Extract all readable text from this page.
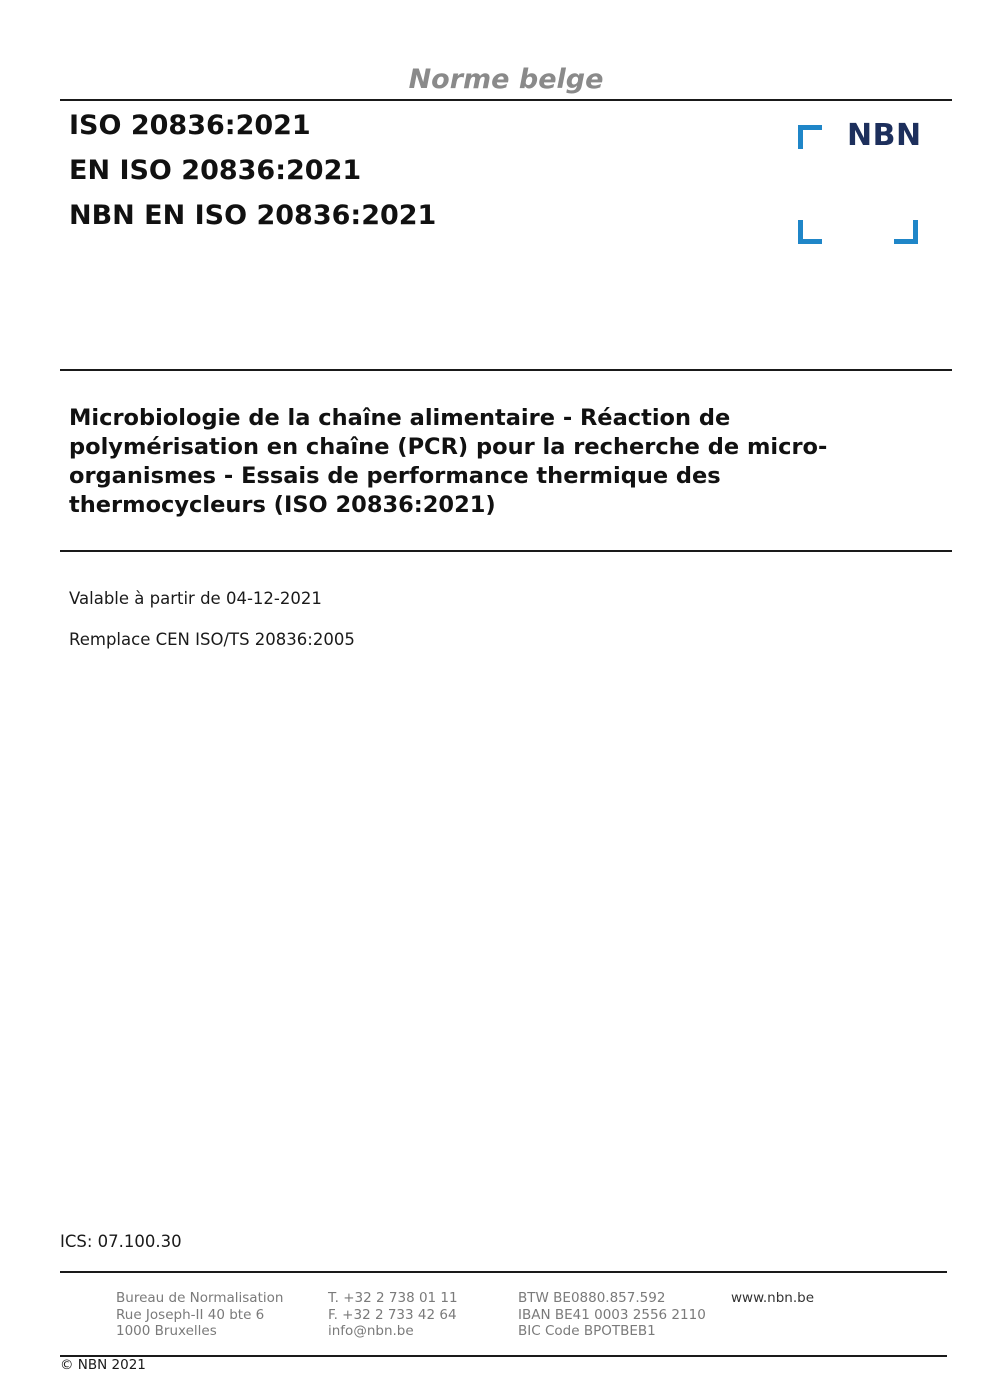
Norme belge
ISO 20836:2021
EN ISO 20836:2021
NBN EN ISO 20836:2021
NBN
Microbiologie de la chaîne alimentaire - Réaction de
polymérisation en chaîne (PCR) pour la recherche de micro-
organismes - Essais de performance thermique des
thermocycleurs (ISO 20836:2021)
Valable à partir de 04-12-2021
Remplace CEN ISO/TS 20836:2005
ICS: 07.100.30
Bureau de Normalisation
Rue Joseph-II 40 bte 6
1000 Bruxelles
T. +32 2 738 01 11
F. +32 2 733 42 64
info@nbn.be
BTW BE0880.857.592
IBAN BE41 0003 2556 2110
BIC Code BPOTBEB1
www.nbn.be
© NBN 2021
